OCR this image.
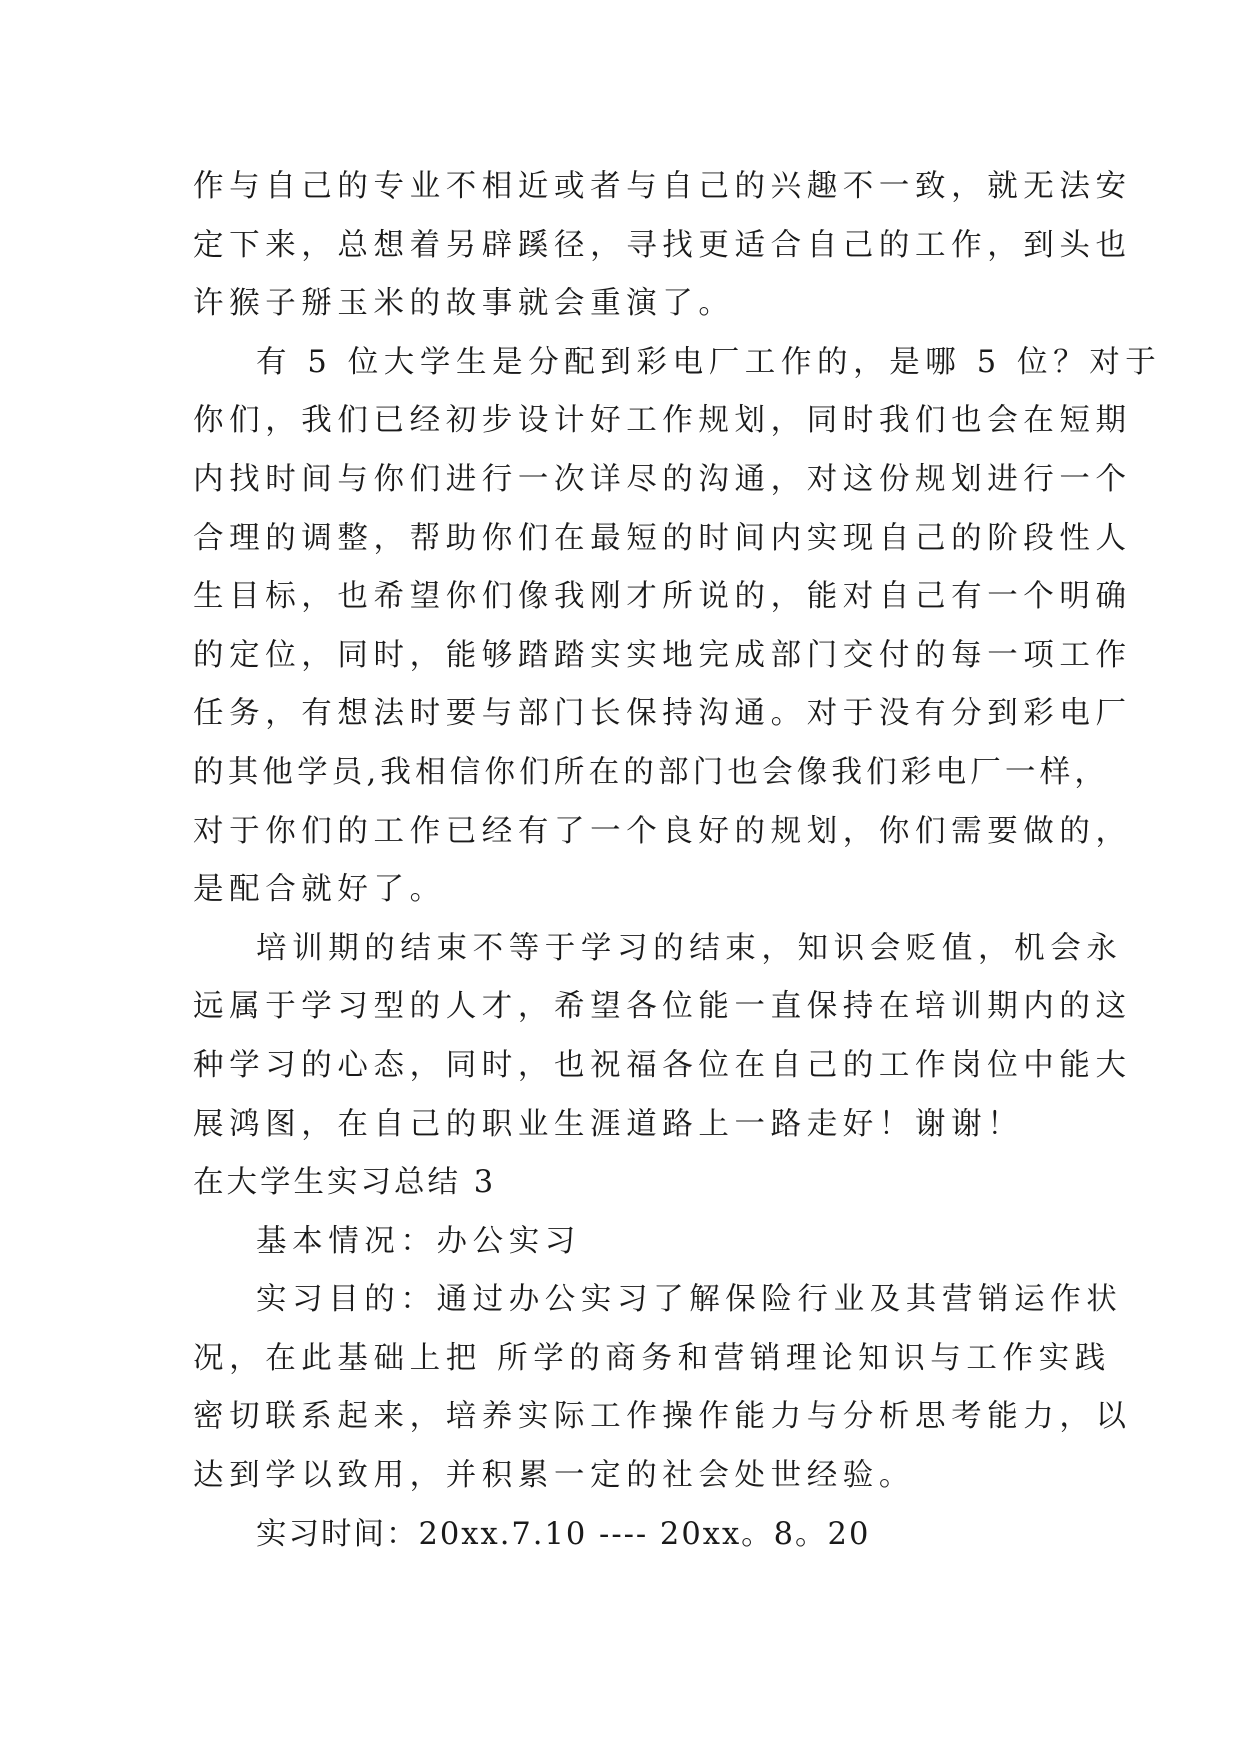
作与自己的专业不相近或者与自己的兴趣不一致，就无法安
定下来，总想着另辟蹊径，寻找更适合自己的工作，到头也
许猴子掰玉米的故事就会重演了。
有 5 位大学生是分配到彩电厂工作的，是哪 5 位？对于
你们，我们已经初步设计好工作规划，同时我们也会在短期
内找时间与你们进行一次详尽的沟通，对这份规划进行一个
合理的调整，帮助你们在最短的时间内实现自己的阶段性人
生目标，也希望你们像我刚才所说的，能对自己有一个明确
的定位，同时，能够踏踏实实地完成部门交付的每一项工作
任务，有想法时要与部门长保持沟通。对于没有分到彩电厂
的其他学员,我相信你们所在的部门也会像我们彩电厂一样，
对于你们的工作已经有了一个良好的规划，你们需要做的，
是配合就好了。
培训期的结束不等于学习的结束，知识会贬值，机会永
远属于学习型的人才，希望各位能一直保持在培训期内的这
种学习的心态，同时，也祝福各位在自己的工作岗位中能大
展鸿图，在自己的职业生涯道路上一路走好！谢谢！
在大学生实习总结 3
基本情况：办公实习
实习目的：通过办公实习了解保险行业及其营销运作状
况，在此基础上把 所学的商务和营销理论知识与工作实践
密切联系起来，培养实际工作操作能力与分析思考能力，以
达到学以致用，并积累一定的社会处世经验。
实习时间：20xx.7.10 ---- 20xx。8。20
